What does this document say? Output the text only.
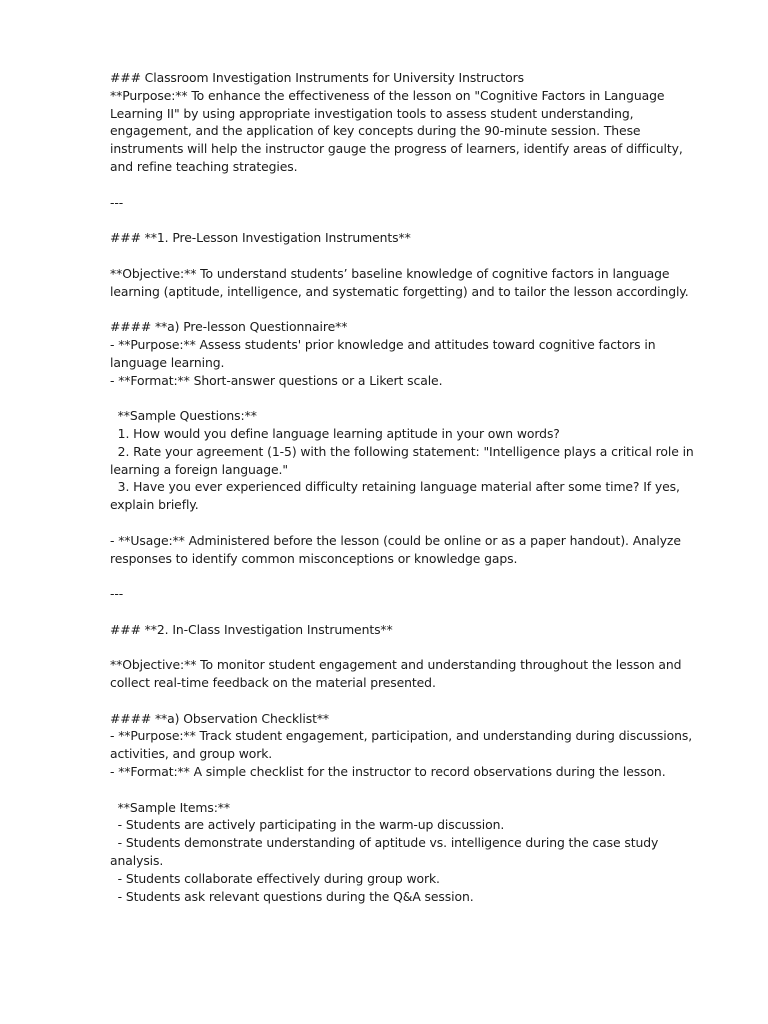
### Classroom Investigation Instruments for University Instructors
**Purpose:** To enhance the effectiveness of the lesson on "Cognitive Factors in Language
Learning II" by using appropriate investigation tools to assess student understanding,
engagement, and the application of key concepts during the 90-minute session. These
instruments will help the instructor gauge the progress of learners, identify areas of difficulty,
and refine teaching strategies.
---
### **1. Pre-Lesson Investigation Instruments**
**Objective:** To understand students’ baseline knowledge of cognitive factors in language
learning (aptitude, intelligence, and systematic forgetting) and to tailor the lesson accordingly.
#### **a) Pre-lesson Questionnaire**
- **Purpose:** Assess students' prior knowledge and attitudes toward cognitive factors in
language learning.
- **Format:** Short-answer questions or a Likert scale.
**Sample Questions:**
1. How would you define language learning aptitude in your own words?
2. Rate your agreement (1-5) with the following statement: "Intelligence plays a critical role in
learning a foreign language."
3. Have you ever experienced difficulty retaining language material after some time? If yes,
explain briefly.
- **Usage:** Administered before the lesson (could be online or as a paper handout). Analyze
responses to identify common misconceptions or knowledge gaps.
---
### **2. In-Class Investigation Instruments**
**Objective:** To monitor student engagement and understanding throughout the lesson and
collect real-time feedback on the material presented.
#### **a) Observation Checklist**
- **Purpose:** Track student engagement, participation, and understanding during discussions,
activities, and group work.
- **Format:** A simple checklist for the instructor to record observations during the lesson.
**Sample Items:**
- Students are actively participating in the warm-up discussion.
- Students demonstrate understanding of aptitude vs. intelligence during the case study
analysis.
- Students collaborate effectively during group work.
- Students ask relevant questions during the Q&A session.
